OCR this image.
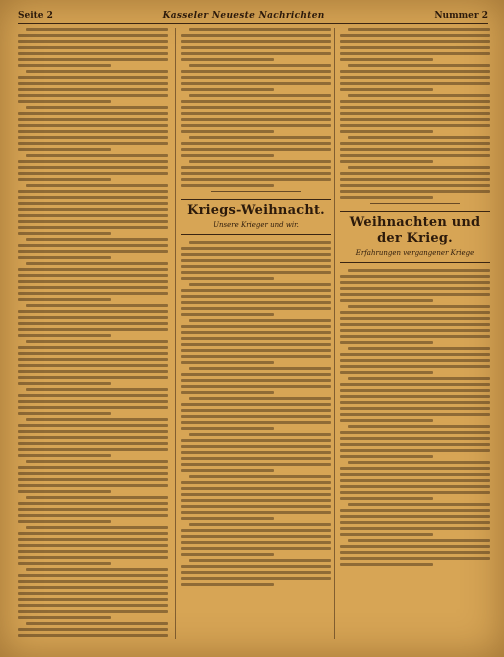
Seite 2	Kasseler Neueste Nachrichten	Nummer 2
Kriegs-Weihnacht.
Unsere Krieger und wir.	Weihnachten und der Krieg.
Erfahrungen vergangener Kriege
